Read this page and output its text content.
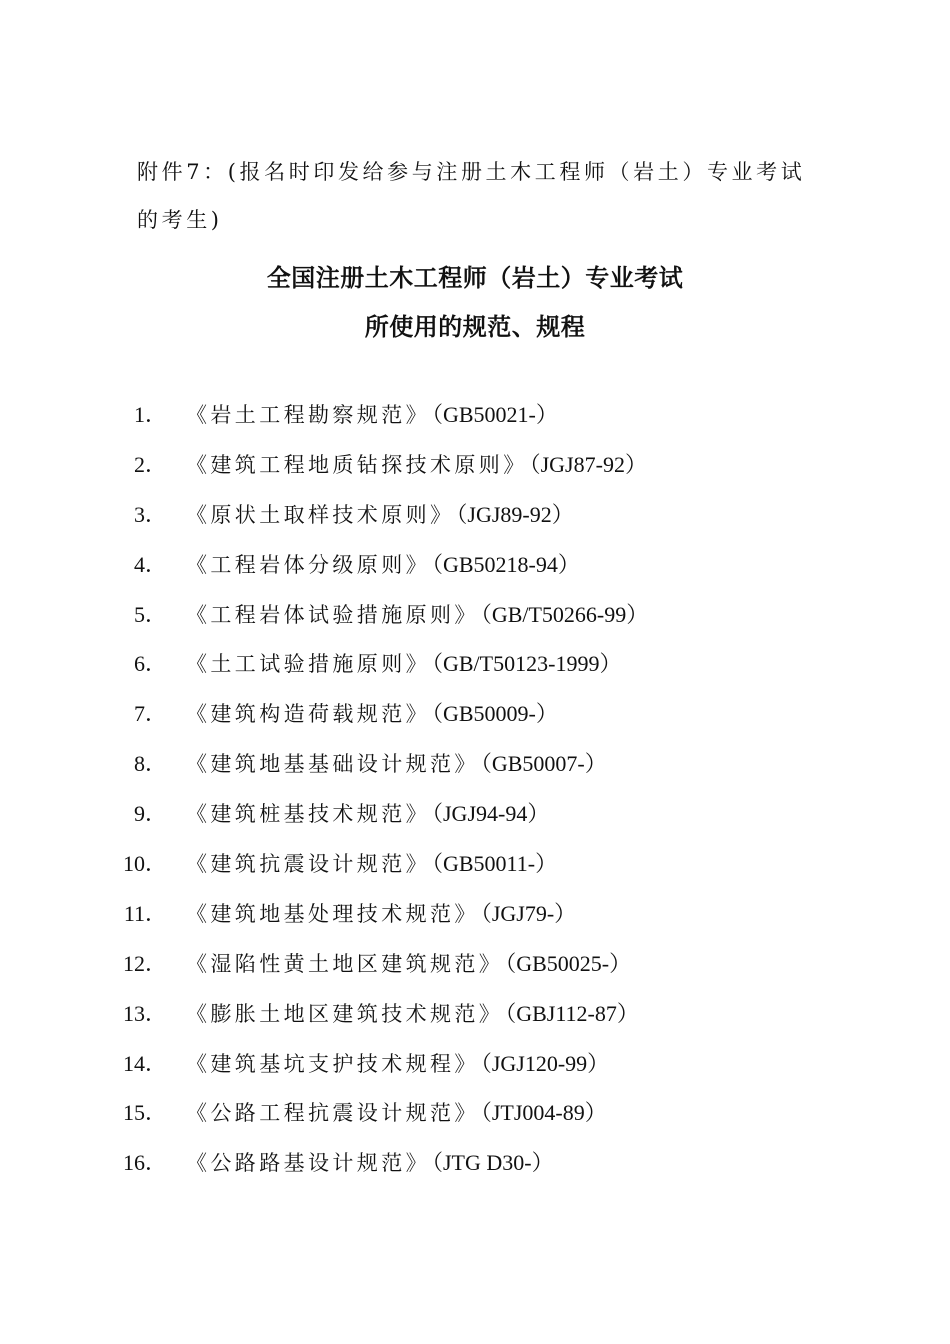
附件7：(报名时印发给参与注册土木工程师（岩土）专业考试的考生)
全国注册土木工程师（岩土）专业考试
所使用的规范、规程
1． 《岩土工程勘察规范》（GB50021-）
2． 《建筑工程地质钻探技术原则》（JGJ87-92）
3． 《原状土取样技术原则》（JGJ89-92）
4． 《工程岩体分级原则》（GB50218-94）
5． 《工程岩体试验措施原则》（GB/T50266-99）
6． 《土工试验措施原则》（GB/T50123-1999）
7． 《建筑构造荷载规范》（GB50009-）
8． 《建筑地基基础设计规范》（GB50007-）
9． 《建筑桩基技术规范》（JGJ94-94）
10． 《建筑抗震设计规范》（GB50011-）
11． 《建筑地基处理技术规范》（JGJ79-）
12． 《湿陷性黄土地区建筑规范》（GB50025-）
13． 《膨胀土地区建筑技术规范》（GBJ112-87）
14． 《建筑基坑支护技术规程》（JGJ120-99）
15． 《公路工程抗震设计规范》（JTJ004-89）
16． 《公路路基设计规范》（JTG D30-）
